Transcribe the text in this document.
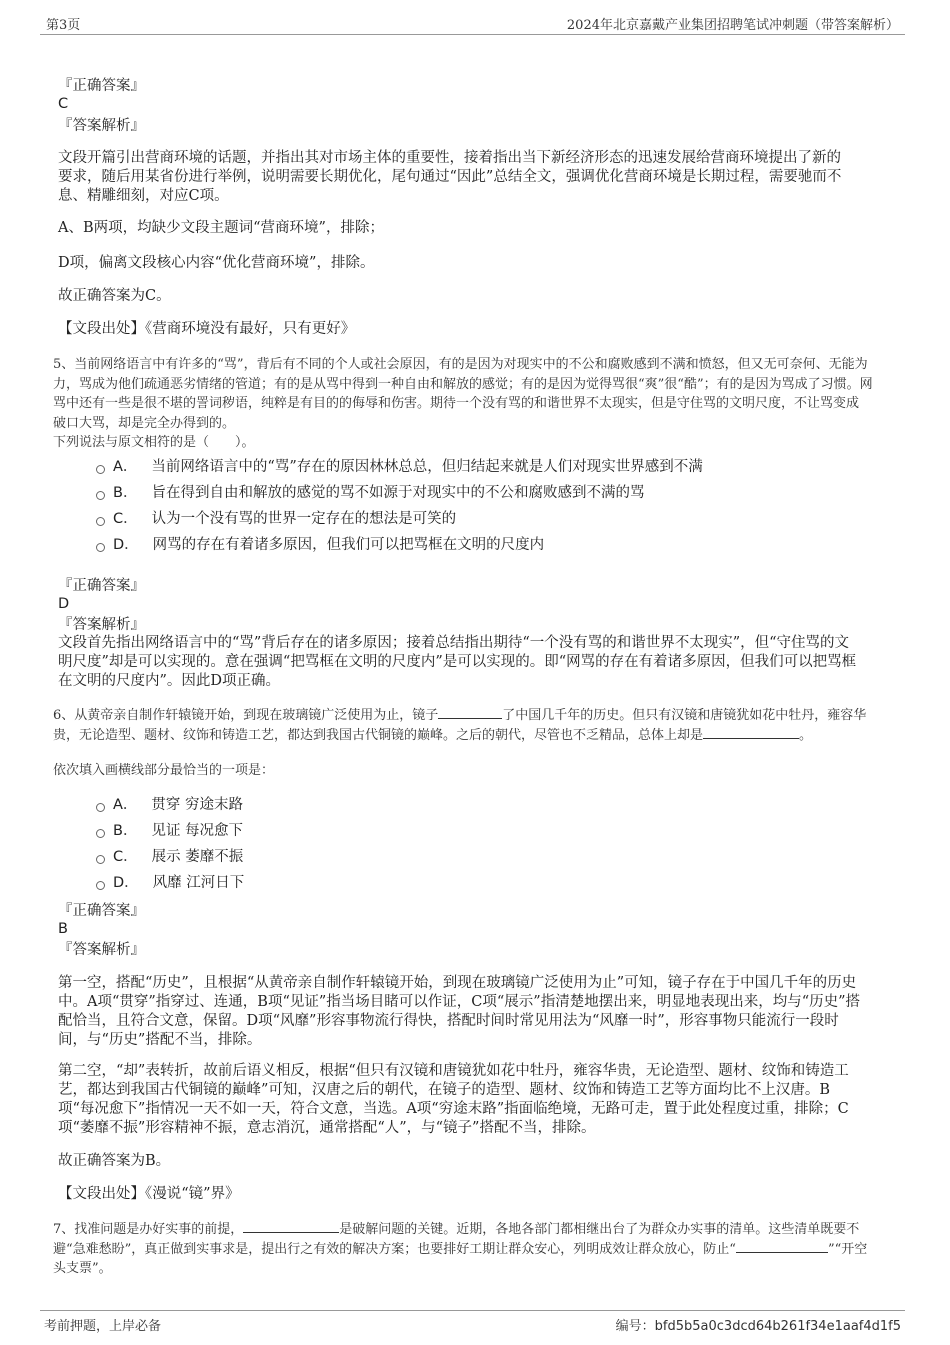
第3页	2024年北京嘉戴产业集团招聘笔试冲刺题（带答案解析）
『正确答案』
C
『答案解析』
文段开篇引出营商环境的话题，并指出其对市场主体的重要性，接着指出当下新经济形态的迅速发展给营商环境提出了新的
要求，随后用某省份进行举例，说明需要长期优化，尾句通过“因此”总结全文，强调优化营商环境是长期过程，需要驰而不
息、精雕细刻，对应C项。
A、B两项，均缺少文段主题词“营商环境”，排除；
D项，偏离文段核心内容“优化营商环境”，排除。
故正确答案为C。
【文段出处】《营商环境没有最好，只有更好》
5、当前网络语言中有许多的“骂”，背后有不同的个人或社会原因，有的是因为对现实中的不公和腐败感到不满和愤怒，但又无可奈何、无能为
力，骂成为他们疏通恶劣情绪的管道；有的是从骂中得到一种自由和解放的感觉；有的是因为觉得骂很“爽”很“酷”；有的是因为骂成了习惯。网
骂中还有一些是很不堪的詈词秽语，纯粹是有目的的侮辱和伤害。期待一个没有骂的和谐世界不太现实，但是守住骂的文明尺度，不让骂变成
破口大骂，却是完全办得到的。
下列说法与原文相符的是（　　）。
A． 当前网络语言中的“骂”存在的原因林林总总，但归结起来就是人们对现实世界感到不满
B． 旨在得到自由和解放的感觉的骂不如源于对现实中的不公和腐败感到不满的骂
C． 认为一个没有骂的世界一定存在的想法是可笑的
D． 网骂的存在有着诸多原因，但我们可以把骂框在文明的尺度内
『正确答案』
D
『答案解析』
文段首先指出网络语言中的“骂”背后存在的诸多原因；接着总结指出期待“一个没有骂的和谐世界不太现实”，但“守住骂的文
明尺度”却是可以实现的。意在强调“把骂框在文明的尺度内”是可以实现的。即“网骂的存在有着诸多原因，但我们可以把骂框
在文明的尺度内”。因此D项正确。
6、从黄帝亲自制作轩辕镜开始，到现在玻璃镜广泛使用为止，镜子	了中国几千年的历史。但只有汉镜和唐镜犹如花中牡丹，雍容华
贵，无论造型、题材、纹饰和铸造工艺，都达到我国古代铜镜的巅峰。之后的朝代，尽管也不乏精品，总体上却是	。
依次填入画横线部分最恰当的一项是：
A． 贯穿 穷途末路
B． 见证 每况愈下
C． 展示 萎靡不振
D． 风靡 江河日下
『正确答案』
B
『答案解析』
第一空，搭配“历史”，且根据“从黄帝亲自制作轩辕镜开始，到现在玻璃镜广泛使用为止”可知，镜子存在于中国几千年的历史
中。A项“贯穿”指穿过、连通，B项“见证”指当场目睹可以作证，C项“展示”指清楚地摆出来，明显地表现出来，均与“历史”搭
配恰当，且符合文意，保留。D项“风靡”形容事物流行得快，搭配时间时常见用法为“风靡一时”，形容事物只能流行一段时
间，与“历史”搭配不当，排除。
第二空，“却”表转折，故前后语义相反，根据“但只有汉镜和唐镜犹如花中牡丹，雍容华贵，无论造型、题材、纹饰和铸造工
艺，都达到我国古代铜镜的巅峰”可知，汉唐之后的朝代，在镜子的造型、题材、纹饰和铸造工艺等方面均比不上汉唐。B
项“每况愈下”指情况一天不如一天，符合文意，当选。A项“穷途末路”指面临绝境，无路可走，置于此处程度过重，排除；C
项“萎靡不振”形容精神不振，意志消沉，通常搭配“人”，与“镜子”搭配不当，排除。
故正确答案为B。
【文段出处】《漫说“镜”界》
7、找准问题是办好实事的前提，	是破解问题的关键。近期，各地各部门都相继出台了为群众办实事的清单。这些清单既要不
避“急难愁盼”，真正做到实事求是，提出行之有效的解决方案；也要排好工期让群众安心，列明成效让群众放心，防止“	”“开空
头支票”。
考前押题，上岸必备	编号：bfd5b5a0c3dcd64b261f34e1aaf4d1f5
